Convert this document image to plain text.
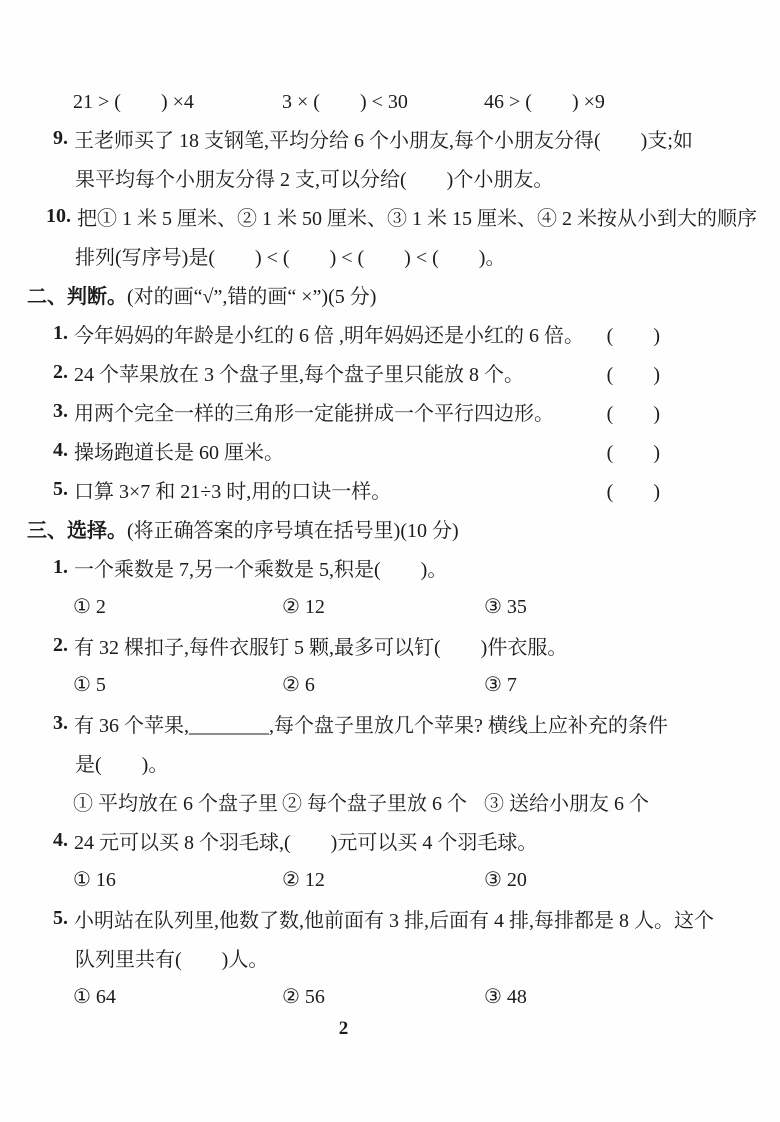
21 > (　　) ×4	3 × (　　) < 30	46 > (　　) ×9
9. 王老师买了 18 支钢笔,平均分给 6 个小朋友,每个小朋友分得(　　)支;如
果平均每个小朋友分得 2 支,可以分给(　　)个小朋友。
10. 把① 1 米 5 厘米、② 1 米 50 厘米、③ 1 米 15 厘米、④ 2 米按从小到大的顺序
排列(写序号)是(　　) < (　　) < (　　) < (　　)。
二、判断。 (对的画“√”,错的画“ ×”)(5 分)
1. 今年妈妈的年龄是小红的 6 倍 ,明年妈妈还是小红的 6 倍。 (　　)
2. 24 个苹果放在 3 个盘子里,每个盘子里只能放 8 个。	(　　)
3. 用两个完全一样的三角形一定能拼成一个平行四边形。	(　　)
4. 操场跑道长是 60 厘米。	(　　)
5. 口算 3×7 和 21÷3 时,用的口诀一样。	(　　)
三、选择。 (将正确答案的序号填在括号里)(10 分)
1. 一个乘数是 7,另一个乘数是 5,积是(　　)。
① 2	② 12	③ 35
2. 有 32 棵扣子,每件衣服钉 5 颗,最多可以钉(　　)件衣服。
① 5	② 6	③ 7
3. 有 36 个苹果,________,每个盘子里放几个苹果? 横线上应补充的条件
是(　　)。
① 平均放在 6 个盘子里 ② 每个盘子里放 6 个 ③ 送给小朋友 6 个
4. 24 元可以买 8 个羽毛球,(　　)元可以买 4 个羽毛球。
① 16	② 12	③ 20
5. 小明站在队列里,他数了数,他前面有 3 排,后面有 4 排,每排都是 8 人。这个
队列里共有(　　)人。
① 64	② 56	③ 48
2
